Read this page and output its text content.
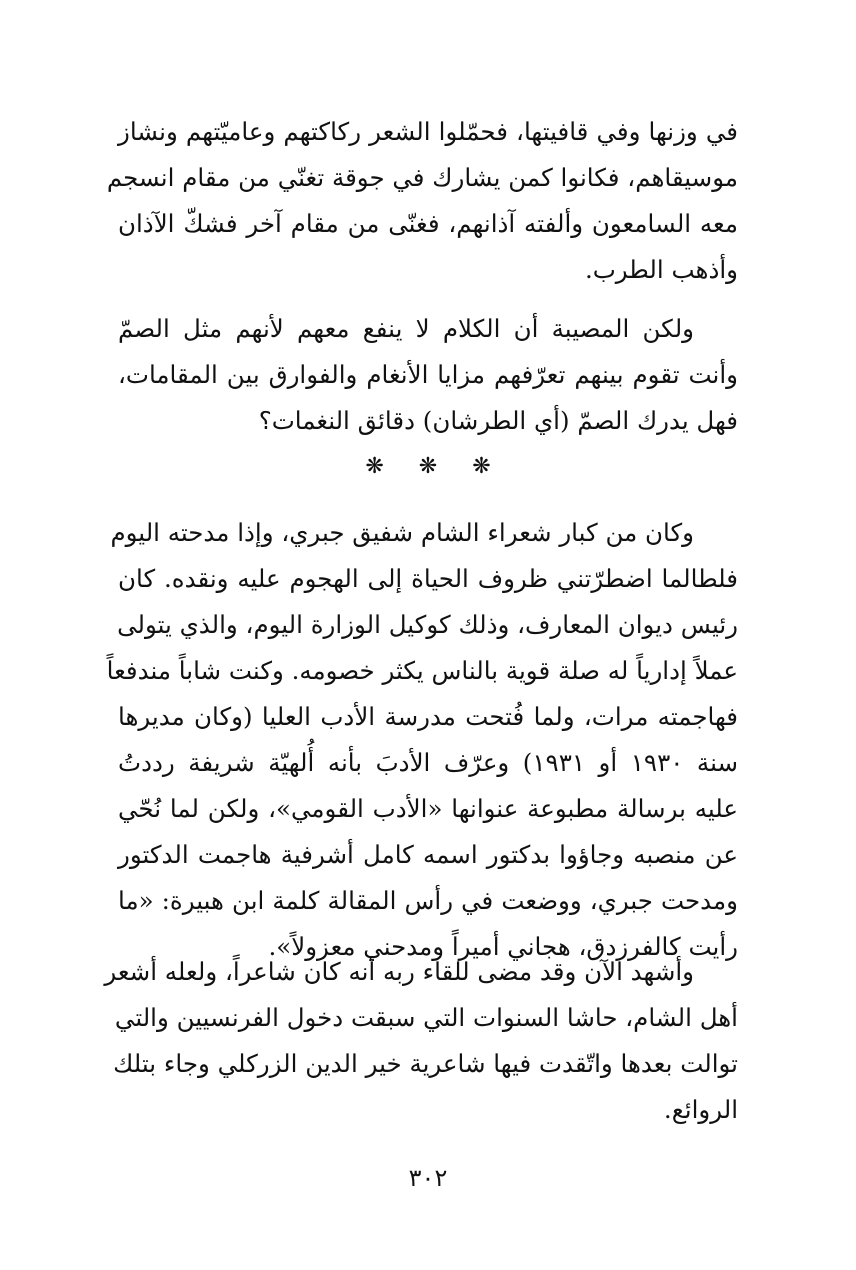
في وزنها وفي قافيتها، فحمّلوا الشعر ركاكتهم وعاميّتهم ونشاز
موسيقاهم، فكانوا كمن يشارك في جوقة تغنّي من مقام انسجم
معه السامعون وألفته آذانهم، فغنّى من مقام آخر فشكّ الآذان
وأذهب الطرب.
ولكن المصيبة أن الكلام لا ينفع معهم لأنهم مثل الصمّ
وأنت تقوم بينهم تعرّفهم مزايا الأنغام والفوارق بين المقامات،
فهل يدرك الصمّ (أي الطرشان) دقائق النغمات؟
❋ ❋ ❋
وكان من كبار شعراء الشام شفيق جبري، وإذا مدحته اليوم
فلطالما اضطرّتني ظروف الحياة إلى الهجوم عليه ونقده. كان
رئيس ديوان المعارف، وذلك كوكيل الوزارة اليوم، والذي يتولى
عملاً إدارياً له صلة قوية بالناس يكثر خصومه. وكنت شاباً مندفعاً
فهاجمته مرات، ولما فُتحت مدرسة الأدب العليا (وكان مديرها
سنة ١٩٣٠ أو ١٩٣١) وعرّف الأدبَ بأنه أُلهيّة شريفة رددتُ
عليه برسالة مطبوعة عنوانها «الأدب القومي»، ولكن لما نُحّي
عن منصبه وجاؤوا بدكتور اسمه كامل أشرفية هاجمت الدكتور
ومدحت جبري، ووضعت في رأس المقالة كلمة ابن هبيرة: «ما
رأيت كالفرزدق، هجاني أميراً ومدحني معزولاً».
وأشهد الآن وقد مضى للقاء ربه أنه كان شاعراً، ولعله أشعر
أهل الشام، حاشا السنوات التي سبقت دخول الفرنسيين والتي
توالت بعدها واتّقدت فيها شاعرية خير الدين الزركلي وجاء بتلك
الروائع.
٣٠٢
